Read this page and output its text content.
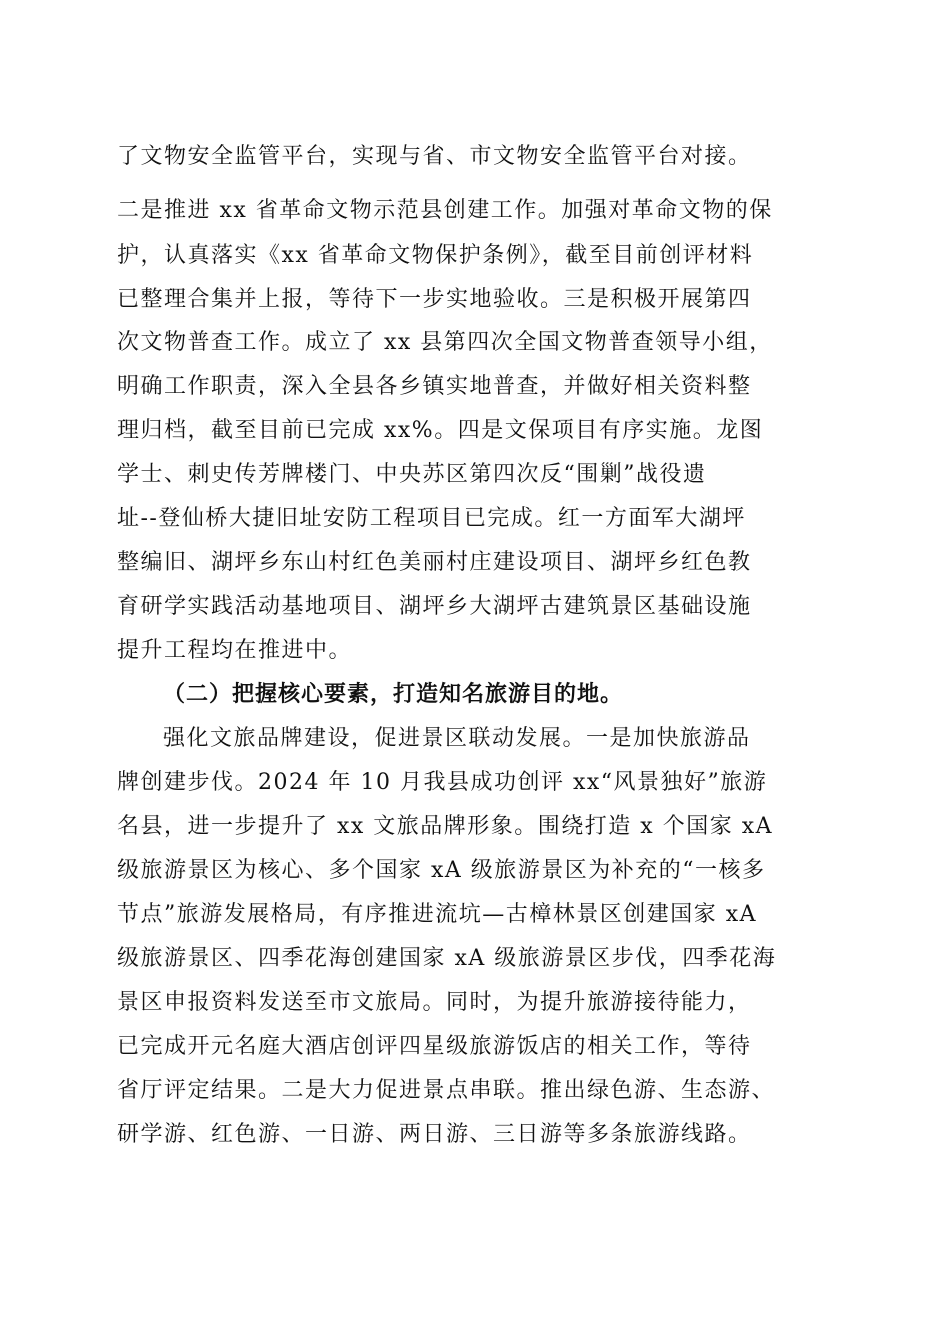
了文物安全监管平台，实现与省、市文物安全监管平台对接。
二是推进 xx 省革命文物示范县创建工作。加强对革命文物的保
护，认真落实《xx 省革命文物保护条例》，截至目前创评材料
已整理合集并上报，等待下一步实地验收。三是积极开展第四
次文物普查工作。成立了 xx 县第四次全国文物普查领导小组，
明确工作职责，深入全县各乡镇实地普查，并做好相关资料整
理归档，截至目前已完成 xx%。四是文保项目有序实施。龙图
学士、刺史传芳牌楼门、中央苏区第四次反“围剿”战役遗
址--登仙桥大捷旧址安防工程项目已完成。红一方面军大湖坪
整编旧、湖坪乡东山村红色美丽村庄建设项目、湖坪乡红色教
育研学实践活动基地项目、湖坪乡大湖坪古建筑景区基础设施
提升工程均在推进中。
（二）把握核心要素，打造知名旅游目的地。
强化文旅品牌建设，促进景区联动发展。一是加快旅游品
牌创建步伐。2024 年 10 月我县成功创评 xx“风景独好”旅游
名县，进一步提升了 xx 文旅品牌形象。围绕打造 x 个国家 xA
级旅游景区为核心、多个国家 xA 级旅游景区为补充的“一核多
节点”旅游发展格局，有序推进流坑—古樟林景区创建国家 xA
级旅游景区、四季花海创建国家 xA 级旅游景区步伐，四季花海
景区申报资料发送至市文旅局。同时，为提升旅游接待能力，
已完成开元名庭大酒店创评四星级旅游饭店的相关工作，等待
省厅评定结果。二是大力促进景点串联。推出绿色游、生态游、
研学游、红色游、一日游、两日游、三日游等多条旅游线路。
